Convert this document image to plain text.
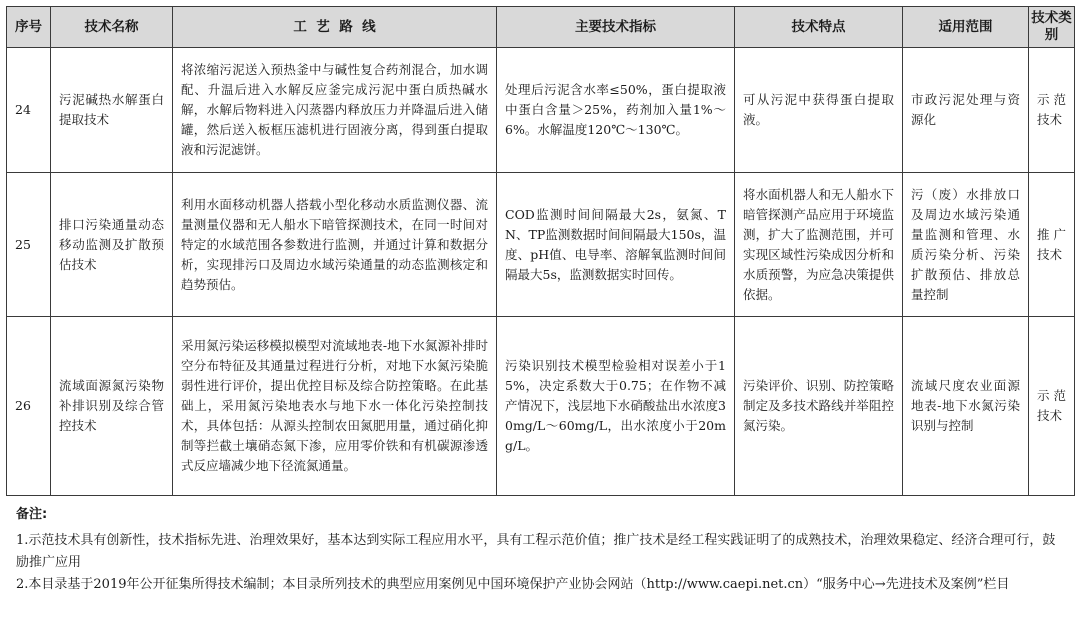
序号	技术名称	工  艺  路  线	主要技术指标	技术特点	适用范围	技术类别
24	污泥碱热水解蛋白提取技术	将浓缩污泥送入预热釜中与碱性复合药剂混合，加水调配、升温后进入水解反应釜完成污泥中蛋白质热碱水解，水解后物料进入闪蒸器内释放压力并降温后进入储罐，然后送入板框压滤机进行固液分离，得到蛋白提取液和污泥滤饼。	处理后污泥含水率≤50%，蛋白提取液中蛋白含量＞25%，药剂加入量1%～6%。水解温度120℃～130℃。	可从污泥中获得蛋白提取液。	市政污泥处理与资源化	示范技术
25	排口污染通量动态移动监测及扩散预估技术	利用水面移动机器人搭载小型化移动水质监测仪器、流量测量仪器和无人船水下暗管探测技术，在同一时间对特定的水域范围各参数进行监测，并通过计算和数据分析，实现排污口及周边水域污染通量的动态监测核定和趋势预估。	COD监测时间间隔最大2s，氨氮、TN、TP监测数据时间间隔最大150s，温度、pH值、电导率、溶解氧监测时间间隔最大5s，监测数据实时回传。	将水面机器人和无人船水下暗管探测产品应用于环境监测，扩大了监测范围，并可实现区域性污染成因分析和水质预警，为应急决策提供依据。	污（废）水排放口及周边水域污染通量监测和管理、水质污染分析、污染扩散预估、排放总量控制	推广技术
26	流域面源氮污染物补排识别及综合管控技术	采用氮污染运移模拟模型对流域地表-地下水氮源补排时空分布特征及其通量过程进行分析，对地下水氮污染脆弱性进行评价，提出优控目标及综合防控策略。在此基础上，采用氮污染地表水与地下水一体化污染控制技术，具体包括：从源头控制农田氮肥用量，通过硝化抑制等拦截土壤硝态氮下渗，应用零价铁和有机碳源渗透式反应墙减少地下径流氮通量。	污染识别技术模型检验相对误差小于15%，决定系数大于0.75；在作物不减产情况下，浅层地下水硝酸盐出水浓度30mg/L～60mg/L，出水浓度小于20mg/L。	污染评价、识别、防控策略制定及多技术路线并举阻控氮污染。	流域尺度农业面源地表-地下水氮污染识别与控制	示范技术
备注:

1.示范技术具有创新性，技术指标先进、治理效果好，基本达到实际工程应用水平，具有工程示范价值；推广技术是经工程实践证明了的成熟技术，治理效果稳定、经济合理可行，鼓励推广应用

2.本目录基于2019年公开征集所得技术编制；本目录所列技术的典型应用案例见中国环境保护产业协会网站（http://www.caepi.net.cn）“服务中心→先进技术及案例”栏目
